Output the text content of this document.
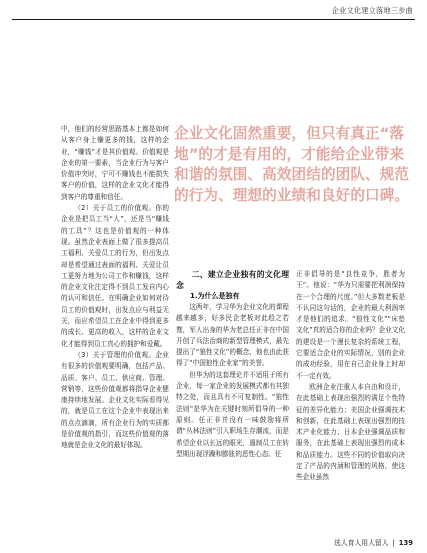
企业文化建立落地三步曲

中，他们的经营思路基本上都是如何从客户身上赚更多的钱，这样的企业，“赚钱”才是其价值观。价值观是企业的第一要素，当企业行为与客户价值冲突时，宁可不赚钱也不能损失客户的价值，这样的企业文化才能得到客户的尊重和信任。

（2）关于员工的价值观。你的企业是把员工当“人”，还是当“赚钱的工具”？这也是价值观的一种体现。虽然企业表面上做了很多提高员工福利、关爱员工的行为，但出发点却是希望通过表面的福利、关爱让员工更努力地为公司工作和赚钱，这样的企业文化注定得不到员工发自内心的认可和信任。在明确企业如何对待员工的价值观时，出发点应与利益无关，而应希望员工在企业中得到更多的成长、更高的收入，这样的企业文化才能得到员工真心的拥护和爱戴。

（3）关于管理的价值观。企业有很多的价值观要明确，包括产品、品质、客户、员工、供应商、管理、营销等，这些价值观都将指导企业健康持续地发展。企业文化实际看得见的，就是员工在这个企业中表现出来的点点滴滴，所有企业行为的实质都是价值观的指引，而这些价值观的落地就是企业文化的最好体现。

企业文化固然重要，但只有真正“落地”的才是有用的，才能给企业带来和谐的氛围、高效团结的团队、规范的行为、理想的业绩和良好的口碑。

二、建立企业独有的文化理念

1.为什么是独有

这两年，学习华为企业文化的课程越来越多，好多民企老板对此趋之若鹜，军人出身的华为老总任正非在中国开创了兵法治商的新型管理模式，最先提出了“狼性文化”的概念，他也由此获得了“中国狼性企业家”的美誉。

但华为的这套理论并不适用于所有企业，每一家企业的发展模式都有其独特之处，而且具有不可复制性。“狼性法则”是华为在关键时刻所倡导的一种原则。任正非并没有一味鼓励将所谓“丛林法则”引入职场生存潮流，而是希望企业以长远的眼光，遏制员工在转型期出现浮躁和膨胀的恶性心态。任

正非倡导的是“良性竞争，胜者为王”。他说：“华为只需要把利润保持在一个合理的尺度。”但大多数老板是不认同这句话的，企业的最大利润率才是他们的追求。“狼性文化”“床垫文化”真的适合你的企业吗？企业文化的建设是一个漫长复杂的系统工程，它要适合企业的实际情况，别的企业的成功经验，用在自己企业身上时却不一定有效。

欧洲企业注重人本自由和设计，在此基础上表现出强烈的满足个性特征的差异化能力；美国企业强调技术和创新，在此基础上表现出强烈的技术产业化能力；日本企业强调品质和服务，在此基础上表现出强烈的成本和品质能力。这些不同的价值取向决定了产品的内涵和管理的风格，使这些企业虽然

选人育人用人留人 | 139
